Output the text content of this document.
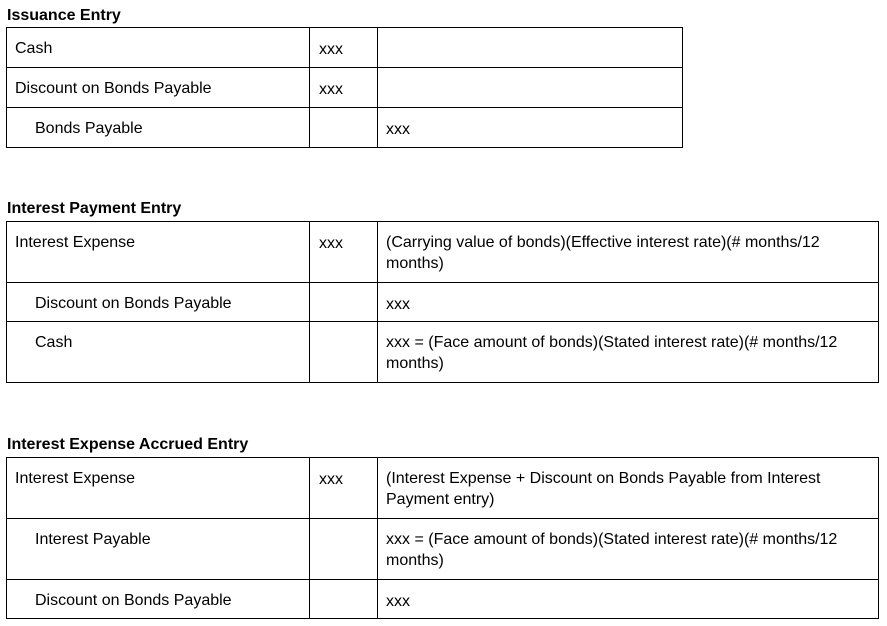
Issuance Entry
Cash	xxx	
Discount on Bonds Payable	xxx	
Bonds Payable		xxx
Interest Payment Entry
Interest Expense	xxx	(Carrying value of bonds)(Effective interest rate)(# months/12 months)
Discount on Bonds Payable		xxx
Cash		xxx = (Face amount of bonds)(Stated interest rate)(# months/12 months)
Interest Expense Accrued Entry
Interest Expense	xxx	(Interest Expense + Discount on Bonds Payable from Interest Payment entry)
Interest Payable		xxx = (Face amount of bonds)(Stated interest rate)(# months/12 months)
Discount on Bonds Payable		xxx
